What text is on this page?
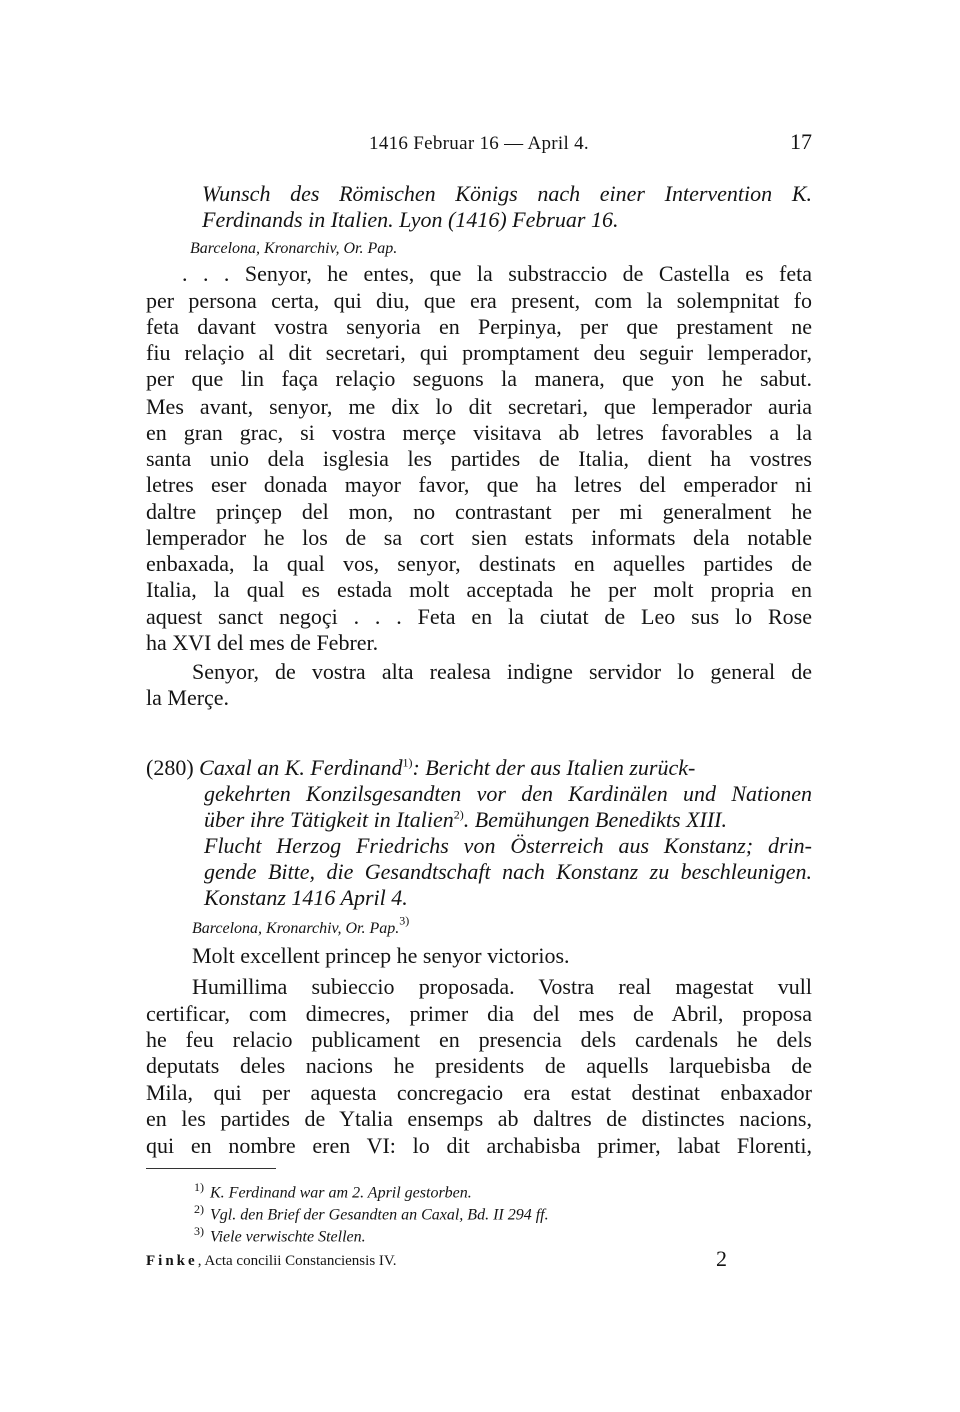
1416 Februar 16 — April 4.	17
Wunsch des Römischen Königs nach einer Intervention K.
Ferdinands in Italien. Lyon (1416) Februar 16.
Barcelona, Kronarchiv, Or. Pap.
. . . Senyor, he entes, que la substraccio de Castella es feta
per persona certa, qui diu, que era present, com la solempnitat fo
feta davant vostra senyoria en Perpinya, per que prestament ne
fiu relaçio al dit secretari, qui promptament deu seguir lemperador,
per que lin faça relaçio seguons la manera, que yon he sabut.
Mes avant, senyor, me dix lo dit secretari, que lemperador auria
en gran grac, si vostra merçe visitava ab letres favorables a la
santa unio dela isglesia les partides de Italia, dient ha vostres
letres eser donada mayor favor, que ha letres del emperador ni
daltre prinçep del mon, no contrastant per mi generalment he
lemperador he los de sa cort sien estats informats dela notable
enbaxada, la qual vos, senyor, destinats en aquelles partides de
Italia, la qual es estada molt acceptada he per molt propria en
aquest sanct negoçi . . . Feta en la ciutat de Leo sus lo Rose
ha XVI del mes de Febrer.
Senyor, de vostra alta realesa indigne servidor lo general de
la Merçe.
(280) Caxal an K. Ferdinand$^{1)}$: Bericht der aus Italien zurück-
gekehrten Konzilsgesandten vor den Kardinälen und Nationen
über ihre Tätigkeit in Italien$^{2)}$. Bemühungen Benedikts XIII.
Flucht Herzog Friedrichs von Österreich aus Konstanz; drin-
gende Bitte, die Gesandtschaft nach Konstanz zu beschleunigen.
Konstanz 1416 April 4.
Barcelona, Kronarchiv, Or. Pap.$^{3)}$
Molt excellent princep he senyor victorios.
Humillima subieccio proposada. Vostra real magestat vull
certificar, com dimecres, primer dia del mes de Abril, proposa
he feu relacio publicament en presencia dels cardenals he dels
deputats deles nacions he presidents de aquells larquebisba de
Mila, qui per aquesta concregacio era estat destinat enbaxador
en les partides de Ytalia ensemps ab daltres de distinctes nacions,
qui en nombre eren VI: lo dit archabisba primer, labat Florenti,
$^{1)}$ K. Ferdinand war am 2. April gestorben.
$^{2)}$ Vgl. den Brief der Gesandten an Caxal, Bd. II 294 ff.
$^{3)}$ Viele verwischte Stellen.
Finke, Acta concilii Constanciensis IV.	2
